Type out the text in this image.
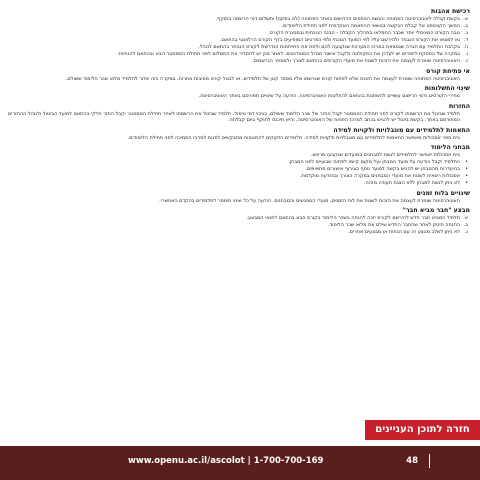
רכישת אהבות
א.
בקשת קבלה לאוניברסיטה הפתוחה והגשת הטפסים הדרושים באתר הפתוחה (לא בפקס) ותשלום דמי הרשמה בתוקף.
ב.
המשך הקונספט של קבלת הבקשה בנושאי ההתאמה האקדמית לפני תחילת הלימודים.
ג.
גובה הקורס המינימלי יותר שכבר התמלאו בתהליך הקבלה - הבנה הנוכחית ובמסגרת הקורס.
ד.
נא למצוא את הקורס הנבחר ולהירשם עליו לפי המועד הנוכחי ולפי הפרטים המופיעים בדף הקורס הרלוונטי בהתאם.
ה.
בקרבת התלמיד עם חברה שנמצאת במרכז המערכת שנקבעה להם ולתת את התייחסות הנדרשת לקורס הנבחר בהתאם לנוהל.
ו.
במקרה של הפסקת לימודים יש לעדכן את הפקולטה ולקבל אישור מנהל הסטודנטים. לאחר מכן יש להסדיר את התשלום לפני תחילת הסמסטר הבא ובהתאם להנחיות.
ז.
האוניברסיטה שומרת לעצמה את הזכות לשנות את מועדי הקורסים בהתאם לצורך ולמספר הנרשמים.
אי פתיחת קורס

האוניברסיטה הפתוחה שומרת לעצמה את הזכות שלא לפתוח קורס שנרשמו אליו מספר קטן של תלמידים, או לבטל קורס מסיבות אחרות. במקרה כזה יוחזר לתלמיד מלוא שכר הלימוד ששולם.

שינוי התשלומות

מחירי הקורסים ודמי הרישום עשויים להשתנות בהתאם להחלטות האוניברסיטה. הודעה על שינויים תפורסם באתר האוניברסיטה.

החזרות

תלמיד שביטל את הרשמתו לקורס לפני תחילת הסמסטר יקבל החזר של שכר הלימוד ששילם, בניכוי דמי טיפול. תלמיד שביטל את הרשמתו לאחר תחילת הסמסטר יקבל החזר חלקי בהתאם למועד הביטול ולנוהל ההחזרים המפורסם באתר. בקשת ביטול יש להגיש בכתב למרכז הפניות של האוניברסיטה, והיא תיכנס לתוקף ביום קבלתה.

התאמות לתלמידים עם מוגבלויות ולקויות למידה

בית ספר אסכולות מאפשר התאמות לתלמידים עם מוגבלויות ולקויות למידה. תלמידים הזקוקים להתאמות מתבקשים לפנות למרכז התמיכה לפני תחילת הלימודים.

מבחני הלימוד

בית אסכולות יאפשר לתלמידים לגשת למבחנים במועדים שנקבעו מראש.

•
התלמיד יקבל הודעה על מועד המבחן ועל מקום קיומו לפחות שבועיים לפני המבחן.
•
בהיעדרות מהמבחן יש להגיש בקשה למועד נוסף בצירוף אישורים מתאימים.
•
אסכולות רשאית לשנות את מועדי המבחנים במקרה הצורך ובהודעה מוקדמת.
•
לא ניתן לגשת למבחן ללא הצגת תעודה מזהה.
שינויים בלוח זמנים

האוניברסיטה שומרת לעצמה את הזכות לשנות את לוח הזמנים, מועדי המפגשים והמבחנים. הודעה על כל שינוי תימסר לתלמידים בהקדם האפשרי.

מבצע "חבר מביא חבר"
א.
תלמיד המביא חבר חדש להירשם לקורס יזכה להנחה בשכר הלימוד בקורס הבא בהתאם לתנאי המבצע.
ב.
ההנחה תינתן לאחר שהחבר החדש שילם את מלוא שכר הלימוד.
ג.
לא ניתן לשלב מבצע זה עם הנחות או מבצעים אחרים.
חזרה לתוכן העניינים
48
www.openu.ac.il/ascolot | 1-700-700-169
